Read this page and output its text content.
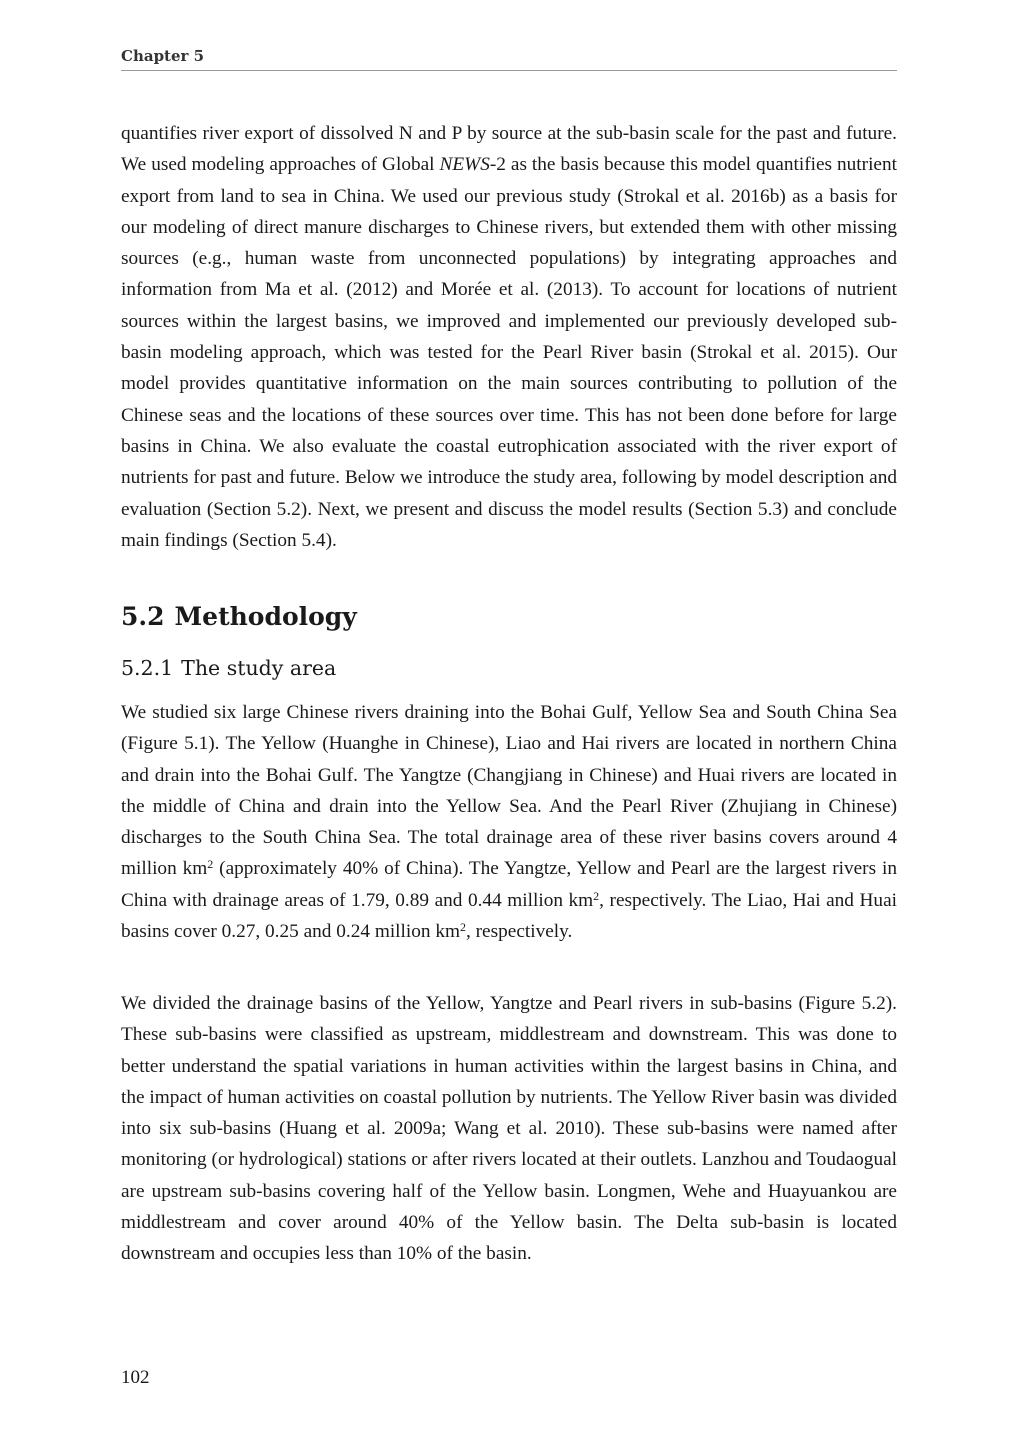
Chapter 5

quantifies river export of dissolved N and P by source at the sub-basin scale for the past and future. We used modeling approaches of Global NEWS-2 as the basis because this model quantifies nutrient export from land to sea in China. We used our previous study (Strokal et al. 2016b) as a basis for our modeling of direct manure discharges to Chinese rivers, but extended them with other missing sources (e.g., human waste from unconnected populations) by integrating approaches and information from Ma et al. (2012) and Morée et al. (2013). To account for locations of nutrient sources within the largest basins, we improved and implemented our previously developed sub-basin modeling approach, which was tested for the Pearl River basin (Strokal et al. 2015). Our model provides quantitative information on the main sources contributing to pollution of the Chinese seas and the locations of these sources over time. This has not been done before for large basins in China. We also evaluate the coastal eutrophication associated with the river export of nutrients for past and future. Below we introduce the study area, following by model description and evaluation (Section 5.2). Next, we present and discuss the model results (Section 5.3) and conclude main findings (Section 5.4).

5.2 Methodology
5.2.1 The study area

We studied six large Chinese rivers draining into the Bohai Gulf, Yellow Sea and South China Sea (Figure 5.1). The Yellow (Huanghe in Chinese), Liao and Hai rivers are located in northern China and drain into the Bohai Gulf. The Yangtze (Changjiang in Chinese) and Huai rivers are located in the middle of China and drain into the Yellow Sea. And the Pearl River (Zhujiang in Chinese) discharges to the South China Sea. The total drainage area of these river basins covers around 4 million $km^2$ (approximately 40% of China). The Yangtze, Yellow and Pearl are the largest rivers in China with drainage areas of 1.79, 0.89 and 0.44 million $km^2$, respectively. The Liao, Hai and Huai basins cover 0.27, 0.25 and 0.24 million $km^2$, respectively.

We divided the drainage basins of the Yellow, Yangtze and Pearl rivers in sub-basins (Figure 5.2). These sub-basins were classified as upstream, middlestream and downstream. This was done to better understand the spatial variations in human activities within the largest basins in China, and the impact of human activities on coastal pollution by nutrients. The Yellow River basin was divided into six sub-basins (Huang et al. 2009a; Wang et al. 2010). These sub-basins were named after monitoring (or hydrological) stations or after rivers located at their outlets. Lanzhou and Toudaogual are upstream sub-basins covering half of the Yellow basin. Longmen, Wehe and Huayuankou are middlestream and cover around 40% of the Yellow basin. The Delta sub-basin is located downstream and occupies less than 10% of the basin.

102
